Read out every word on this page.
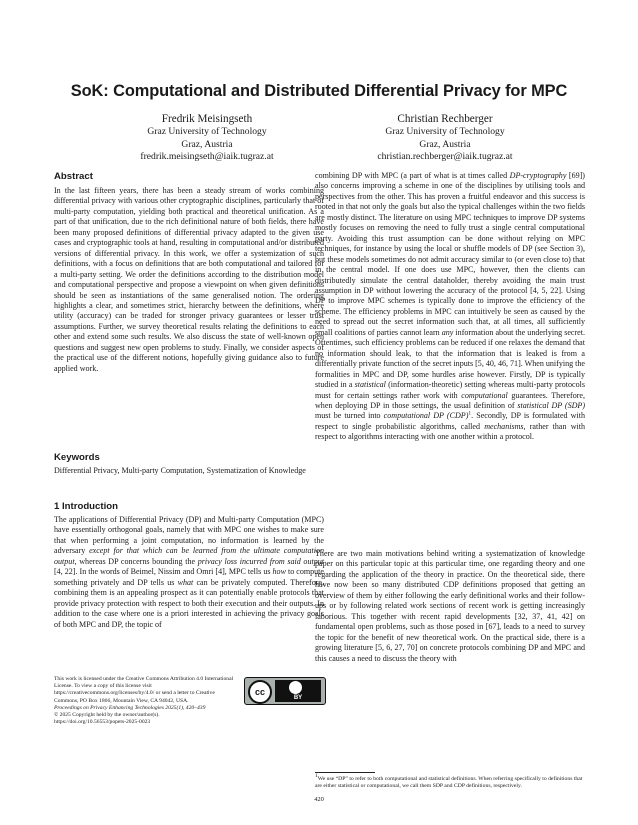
SoK: Computational and Distributed Differential Privacy for MPC
Fredrik Meisingseth
Graz University of Technology
Graz, Austria
fredrik.meisingseth@iaik.tugraz.at
Christian Rechberger
Graz University of Technology
Graz, Austria
christian.rechberger@iaik.tugraz.at
Abstract

In the last fifteen years, there has been a steady stream of works combining differential privacy with various other cryptographic disciplines, particularly that of multi-party computation, yielding both practical and theoretical unification. As a part of that unification, due to the rich definitional nature of both fields, there have been many proposed definitions of differential privacy adapted to the given use cases and cryptographic tools at hand, resulting in computational and/or distributed versions of differential privacy. In this work, we offer a systemization of such definitions, with a focus on definitions that are both computational and tailored for a multi-party setting. We order the definitions according to the distribution model and computational perspective and propose a viewpoint on when given definitions should be seen as instantiations of the same generalised notion. The ordering highlights a clear, and sometimes strict, hierarchy between the definitions, where utility (accuracy) can be traded for stronger privacy guarantees or lesser trust assumptions. Further, we survey theoretical results relating the definitions to each other and extend some such results. We also discuss the state of well-known open questions and suggest new open problems to study. Finally, we consider aspects of the practical use of the different notions, hopefully giving guidance also to future applied work.

Keywords

Differential Privacy, Multi-party Computation, Systematization of Knowledge

1 Introduction

The applications of Differential Privacy (DP) and Multi-party Computation (MPC) have essentially orthogonal goals, namely that with MPC one wishes to make sure that when performing a joint computation, no information is learned by the adversary except for that which can be learned from the ultimate computation output, whereas DP concerns bounding the privacy loss incurred from said output [4, 22]. In the words of Beimel, Nissim and Omri [4], MPC tells us how to compute something privately and DP tells us what can be privately computed. Therefore, combining them is an appealing prospect as it can potentially enable protocols that provide privacy protection with respect to both their execution and their outputs. In addition to the case where one is a priori interested in achieving the privacy goals of both MPC and DP, the topic of

combining DP with MPC (a part of what is at times called DP-cryptography [69]) also concerns improving a scheme in one of the disciplines by utilising tools and perspectives from the other. This has proven a fruitful endeavor and this success is rooted in that not only the goals but also the typical challenges within the two fields are mostly distinct. The literature on using MPC techniques to improve DP systems mostly focuses on removing the need to fully trust a single central computational party. Avoiding this trust assumption can be done without relying on MPC techniques, for instance by using the local or shuffle models of DP (see Section 3), but these models sometimes do not admit accuracy similar to (or even close to) that in the central model. If one does use MPC, however, then the clients can distributedly simulate the central dataholder, thereby avoiding the main trust assumption in DP without lowering the accuracy of the protocol [4, 5, 22]. Using DP to improve MPC schemes is typically done to improve the efficiency of the scheme. The efficiency problems in MPC can intuitively be seen as caused by the need to spread out the secret information such that, at all times, all sufficiently small coalitions of parties cannot learn any information about the underlying secret. Oftentimes, such efficiency problems can be reduced if one relaxes the demand that no information should leak, to that the information that is leaked is from a differentially private function of the secret inputs [5, 40, 46, 71]. When unifying the formalities in MPC and DP, some hurdles arise however. Firstly, DP is typically studied in a statistical (information-theoretic) setting whereas multi-party protocols must for certain settings rather work with computational guarantees. Therefore, when deploying DP in those settings, the usual definition of statistical DP (SDP) must be turned into computational DP (CDP)$^1$. Secondly, DP is formulated with respect to single probabilistic algorithms, called mechanisms, rather than with respect to algorithms interacting with one another within a protocol.

There are two main motivations behind writing a systematization of knowledge paper on this particular topic at this particular time, one regarding theory and one regarding the application of the theory in practice. On the theoretical side, there have now been so many distributed CDP definitions proposed that getting an overview of them by either following the early definitional works and their follow-ups or by following related work sections of recent work is getting increasingly laborious. This together with recent rapid developments [32, 37, 41, 42] on fundamental open problems, such as those posed in [67], leads to a need to survey the topic for the benefit of new theoretical work. On the practical side, there is a growing literature [5, 6, 27, 70] on concrete protocols combining DP and MPC and this causes a need to discuss the theory with

This work is licensed under the Creative Commons Attribution 4.0 International License. To view a copy of this license visit https://creativecommons.org/licenses/by/4.0/ or send a letter to Creative Commons, PO Box 1866, Mountain View, CA 94042, USA.
Proceedings on Privacy Enhancing Technologies 2025(1), 420–439
© 2025 Copyright held by the owner/author(s).
https://doi.org/10.56553/popets-2025-0023
cc
BY
$^1$We use “DP” to refer to both computational and statistical definitions. When referring specifically to definitions that are either statistical or computational, we call them SDP and CDP definitions, respectively.
420
